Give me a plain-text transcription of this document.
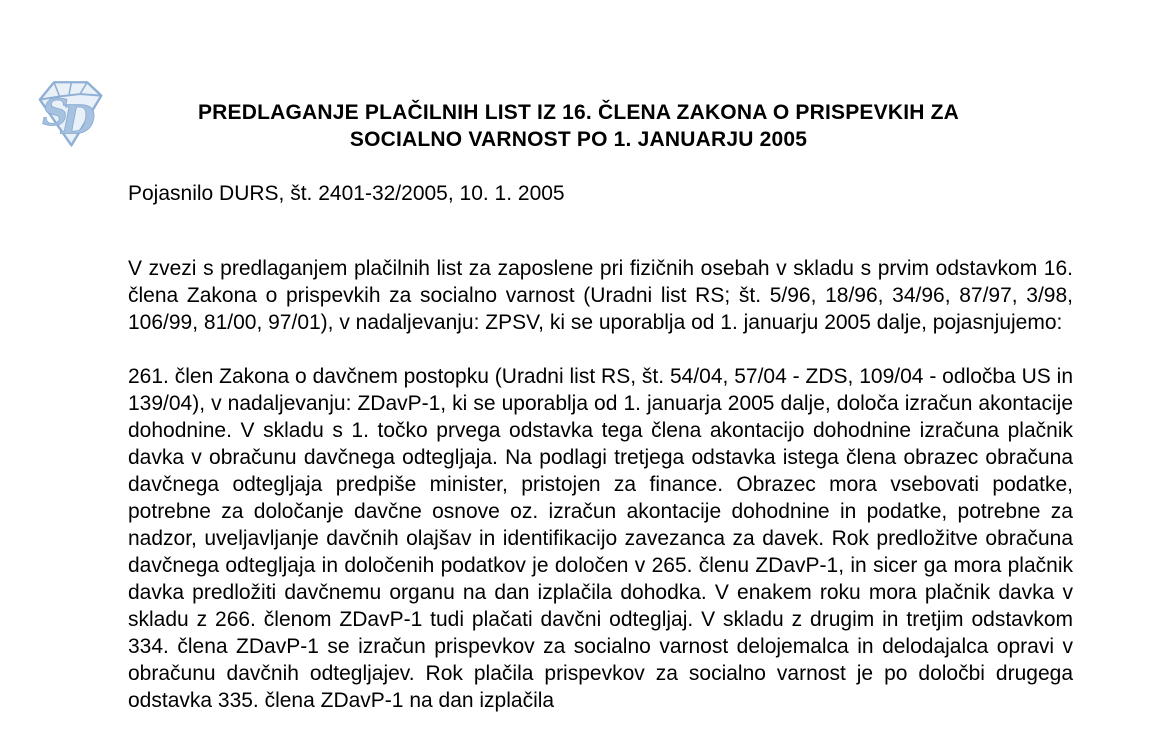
S
D	PREDLAGANJE PLAČILNIH LIST IZ 16. ČLENA ZAKONA O PRISPEVKIH ZA
SOCIALNO VARNOST PO 1. JANUARJU 2005
Pojasnilo DURS, št. 2401-32/2005, 10. 1. 2005
V zvezi s predlaganjem plačilnih list za zaposlene pri fizičnih osebah v skladu s prvim odstavkom 16. člena Zakona o prispevkih za socialno varnost (Uradni list RS; št. 5/96, 18/96, 34/96, 87/97, 3/98, 106/99, 81/00, 97/01), v nadaljevanju: ZPSV, ki se uporablja od 1. januarju 2005 dalje, pojasnjujemo:
261. člen Zakona o davčnem postopku (Uradni list RS, št. 54/04, 57/04 - ZDS, 109/04 - odločba US in 139/04), v nadaljevanju: ZDavP-1, ki se uporablja od 1. januarja 2005 dalje, določa izračun akontacije dohodnine. V skladu s 1. točko prvega odstavka tega člena akontacijo dohodnine izračuna plačnik davka v obračunu davčnega odtegljaja. Na podlagi tretjega odstavka istega člena obrazec obračuna davčnega odtegljaja predpiše minister, pristojen za finance. Obrazec mora vsebovati podatke, potrebne za določanje davčne osnove oz. izračun akontacije dohodnine in podatke, potrebne za nadzor, uveljavljanje davčnih olajšav in identifikacijo zavezanca za davek. Rok predložitve obračuna davčnega odtegljaja in določenih podatkov je določen v 265. členu ZDavP-1, in sicer ga mora plačnik davka predložiti davčnemu organu na dan izplačila dohodka. V enakem roku mora plačnik davka v skladu z 266. členom ZDavP-1 tudi plačati davčni odtegljaj. V skladu z drugim in tretjim odstavkom 334. člena ZDavP-1 se izračun prispevkov za socialno varnost delojemalca in delodajalca opravi v obračunu davčnih odtegljajev. Rok plačila prispevkov za socialno varnost je po določbi drugega odstavka 335. člena ZDavP-1 na dan izplačila
